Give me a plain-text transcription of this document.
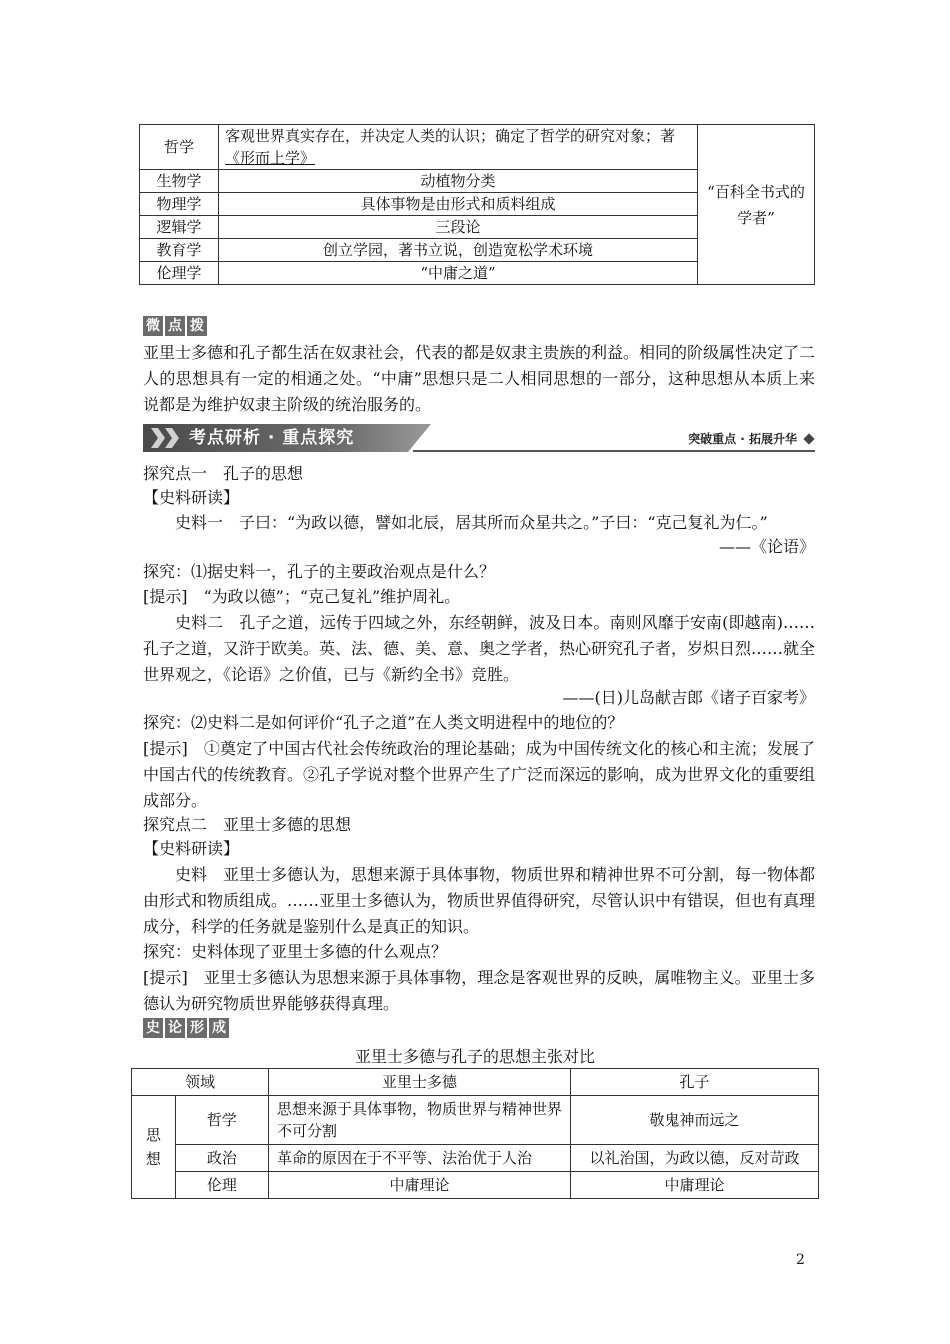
哲学	客观世界真实存在，并决定人类的认识；确定了哲学的研究对象；著《形而上学》	“百科全书式的学者”
生物学	动植物分类	
物理学	具体事物是由形式和质料组成	
逻辑学	三段论	
教育学	创立学园，著书立说，创造宽松学术环境	
伦理学	“中庸之道”	
微 点 拨
亚里士多德和孔子都生活在奴隶社会，代表的都是奴隶主贵族的利益。相同的阶级属性决定了二人的思想具有一定的相通之处。“中庸”思想只是二人相同思想的一部分，这种思想从本质上来说都是为维护奴隶主阶级的统治服务的。
考点研析 · 重点探究	突破重点 · 拓展升华
探究点一　孔子的思想
【史料研读】
史料一　子曰：“为政以德，譬如北辰，居其所而众星共之。”子曰：“克己复礼为仁。”
——《论语》
探究：⑴据史料一，孔子的主要政治观点是什么？
[提示]　“为政以德”；“克己复礼”维护周礼。
史料二　孔子之道，远传于四域之外，东经朝鲜，波及日本。南则风靡于安南(即越南)……孔子之道，又浒于欧美。英、法、德、美、意、奥之学者，热心研究孔子者，岁炽日烈……就全世界观之，《论语》之价值，已与《新约全书》竞胜。
——(日)儿岛献吉郎《诸子百家考》
探究：⑵史料二是如何评价“孔子之道”在人类文明进程中的地位的？
[提示]　①奠定了中国古代社会传统政治的理论基础；成为中国传统文化的核心和主流；发展了中国古代的传统教育。②孔子学说对整个世界产生了广泛而深远的影响，成为世界文化的重要组成部分。
探究点二　亚里士多德的思想
【史料研读】
史料　亚里士多德认为，思想来源于具体事物，物质世界和精神世界不可分割，每一物体都由形式和物质组成。……亚里士多德认为，物质世界值得研究，尽管认识中有错误，但也有真理成分，科学的任务就是鉴别什么是真正的知识。
探究：史料体现了亚里士多德的什么观点？
[提示]　亚里士多德认为思想来源于具体事物，理念是客观世界的反映，属唯物主义。亚里士多德认为研究物质世界能够获得真理。
史 论 形 成
亚里士多德与孔子的思想主张对比
领域		亚里士多德	孔子
思想	哲学	思想来源于具体事物，物质世界与精神世界不可分割	敬鬼神而远之
	政治	革命的原因在于不平等、法治优于人治	以礼治国，为政以德，反对苛政
	伦理	中庸理论	中庸理论
2
